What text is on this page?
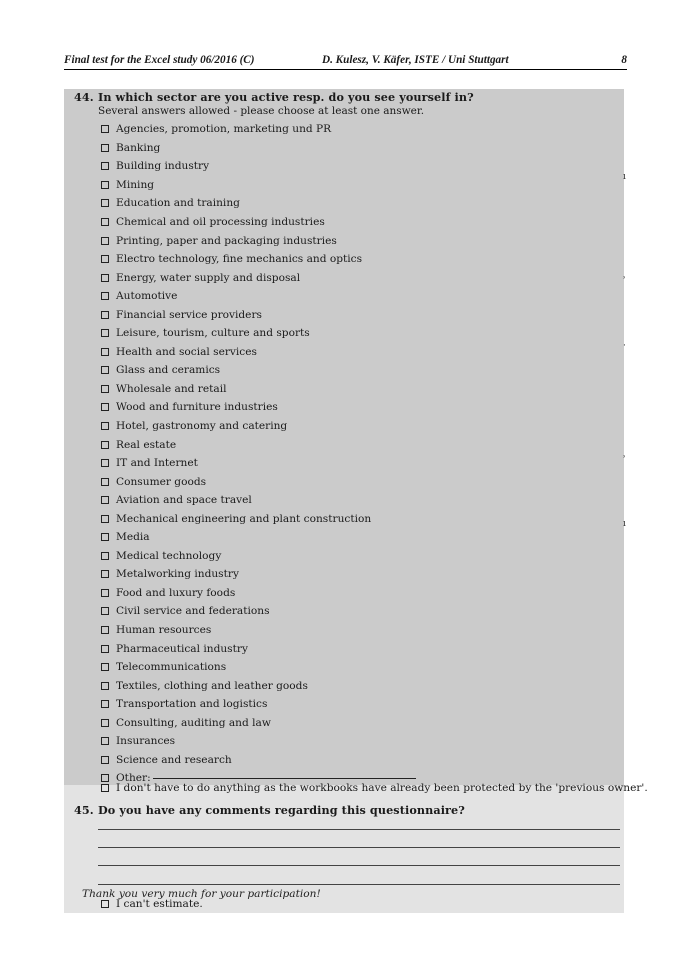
Final test for the Excel study 06/2016 (C)	D. Kulesz, V. Käfer, ISTE / Uni Stuttgart	8
ı
ʾ
·
ʾ
ı
44. In which sector are you active resp. do you see yourself in?
Several answers allowed - please choose at least one answer.
Agencies, promotion, marketing und PR
Banking
Building industry
Mining
Education and training
Chemical and oil processing industries
Printing, paper and packaging industries
Electro technology, fine mechanics and optics
Energy, water supply and disposal
Automotive
Financial service providers
Leisure, tourism, culture and sports
Health and social services
Glass and ceramics
Wholesale and retail
Wood and furniture industries
Hotel, gastronomy and catering
Real estate
IT and Internet
Consumer goods
Aviation and space travel
Mechanical engineering and plant construction
Media
Medical technology
Metalworking industry
Food and luxury foods
Civil service and federations
Human resources
Pharmaceutical industry
Telecommunications
Textiles, clothing and leather goods
Transportation and logistics
Consulting, auditing and law
Insurances
Science and research
Other:
I don't have to do anything as the workbooks have already been protected by the 'previous owner'.
45. Do you have any comments regarding this questionnaire?
Thank you very much for your participation!
I can't estimate.
